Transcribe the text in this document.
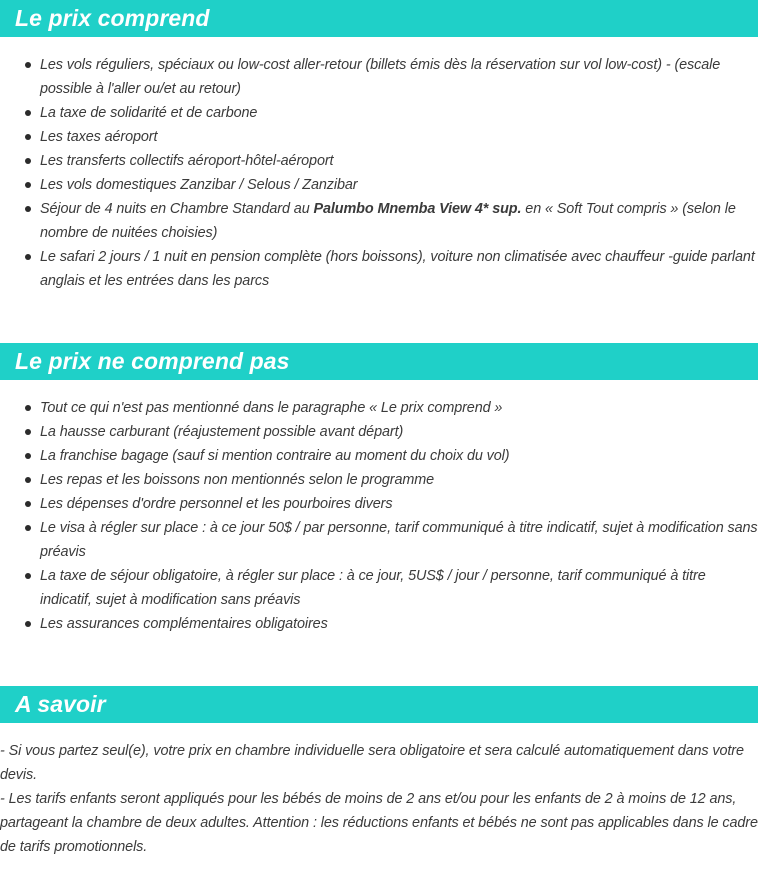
Le prix comprend
Les vols réguliers, spéciaux ou low-cost aller-retour (billets émis dès la réservation sur vol low-cost) - (escale possible à l'aller ou/et au retour)
La taxe de solidarité et de carbone
Les taxes aéroport
Les transferts collectifs aéroport-hôtel-aéroport
Les vols domestiques Zanzibar / Selous / Zanzibar
Séjour de 4 nuits en Chambre Standard au Palumbo Mnemba View 4* sup. en « Soft Tout compris » (selon le nombre de nuitées choisies)
Le safari 2 jours / 1 nuit en pension complète (hors boissons), voiture non climatisée avec chauffeur -guide parlant anglais et les entrées dans les parcs
Le prix ne comprend pas
Tout ce qui n'est pas mentionné dans le paragraphe « Le prix comprend »
La hausse carburant (réajustement possible avant départ)
La franchise bagage (sauf si mention contraire au moment du choix du vol)
Les repas et les boissons non mentionnés selon le programme
Les dépenses d'ordre personnel et les pourboires divers
Le visa à régler sur place : à ce jour 50$ / par personne, tarif communiqué à titre indicatif, sujet à modification sans préavis
La taxe de séjour obligatoire, à régler sur place : à ce jour, 5US$ / jour / personne, tarif communiqué à titre indicatif, sujet à modification sans préavis
Les assurances complémentaires obligatoires
A savoir
- Si vous partez seul(e), votre prix en chambre individuelle sera obligatoire et sera calculé automatiquement dans votre devis.
- Les tarifs enfants seront appliqués pour les bébés de moins de 2 ans et/ou pour les enfants de 2 à moins de 12 ans, partageant la chambre de deux adultes. Attention : les réductions enfants et bébés ne sont pas applicables dans le cadre de tarifs promotionnels.
